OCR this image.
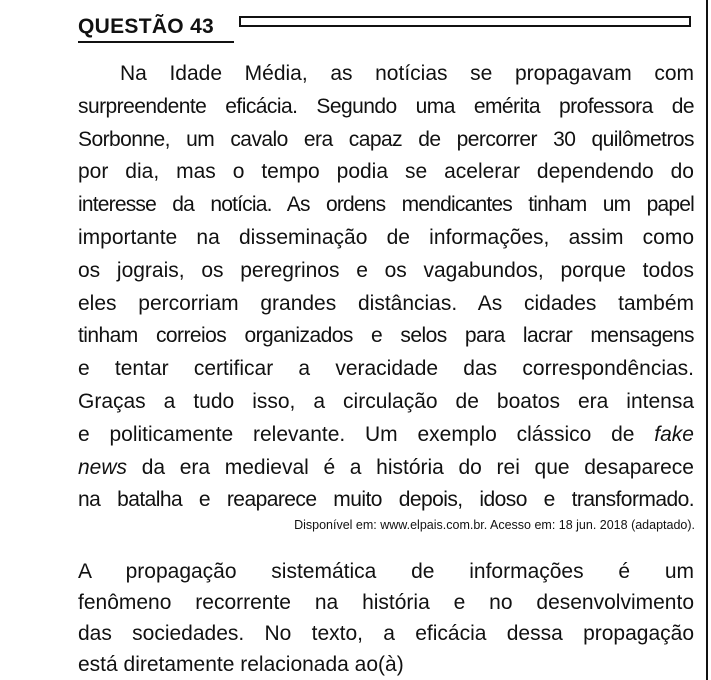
QUESTÃO 43
Na Idade Média, as notícias se propagavam com
surpreendente eficácia. Segundo uma emérita professora de
Sorbonne, um cavalo era capaz de percorrer 30 quilômetros
por dia, mas o tempo podia se acelerar dependendo do
interesse da notícia. As ordens mendicantes tinham um papel
importante na disseminação de informações, assim como
os jograis, os peregrinos e os vagabundos, porque todos
eles percorriam grandes distâncias. As cidades também
tinham correios organizados e selos para lacrar mensagens
e tentar certificar a veracidade das correspondências.
Graças a tudo isso, a circulação de boatos era intensa
e politicamente relevante. Um exemplo clássico de fake
news da era medieval é a história do rei que desaparece
na batalha e reaparece muito depois, idoso e transformado.
Disponível em: www.elpais.com.br. Acesso em: 18 jun. 2018 (adaptado).
A propagação sistemática de informações é um
fenômeno recorrente na história e no desenvolvimento
das sociedades. No texto, a eficácia dessa propagação
está diretamente relacionada ao(à)
